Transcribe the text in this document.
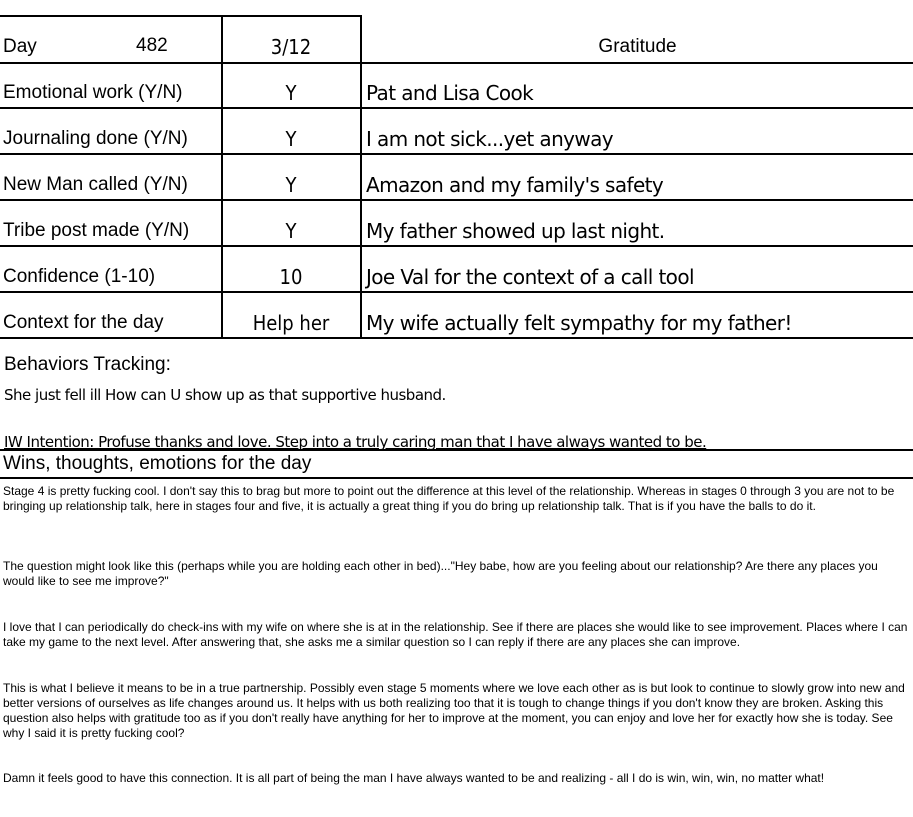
Day	482	3/12	Gratitude
Emotional work (Y/N)	Y	Pat and Lisa Cook
Journaling done (Y/N)	Y	I am not sick...yet anyway
New Man called (Y/N)	Y	Amazon and my family's safety
Tribe post made (Y/N)	Y	My father showed up last night.
Confidence (1-10)	10	Joe Val for the context of a call tool
Context for the day	Help her	My wife actually felt sympathy for my father!
Behaviors Tracking:
She just fell ill How can U show up as that supportive husband.
IW Intention: Profuse thanks and love. Step into a truly caring man that I have always wanted to be.
Wins, thoughts, emotions for the day

Stage 4 is pretty fucking cool. I don't say this to brag but more to point out the difference at this level of the relationship. Whereas in stages 0 through 3 you are not to be bringing up relationship talk, here in stages four and five, it is actually a great thing if you do bring up relationship talk. That is if you have the balls to do it.

The question might look like this (perhaps while you are holding each other in bed)..."Hey babe, how are you feeling about our relationship? Are there any places you would like to see me improve?"

I love that I can periodically do check-ins with my wife on where she is at in the relationship. See if there are places she would like to see improvement. Places where I can take my game to the next level. After answering that, she asks me a similar question so I can reply if there are any places she can improve.

This is what I believe it means to be in a true partnership. Possibly even stage 5 moments where we love each other as is but look to continue to slowly grow into new and better versions of ourselves as life changes around us. It helps with us both realizing too that it is tough to change things if you don't know they are broken. Asking this question also helps with gratitude too as if you don't really have anything for her to improve at the moment, you can enjoy and love her for exactly how she is today. See why I said it is pretty fucking cool?

Damn it feels good to have this connection. It is all part of being the man I have always wanted to be and realizing - all I do is win, win, win, no matter what!
